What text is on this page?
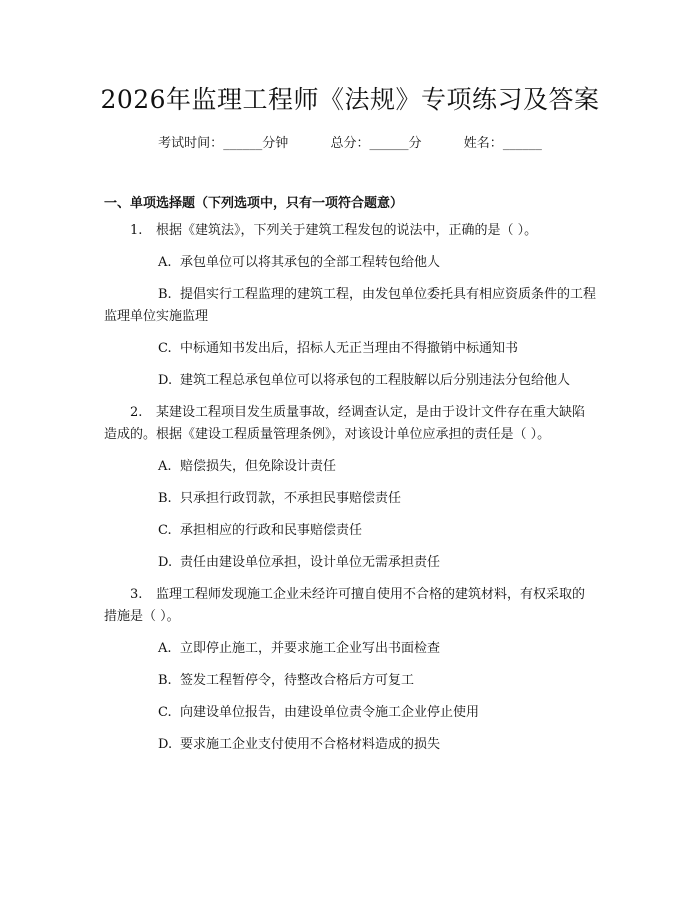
2026年监理工程师《法规》专项练习及答案
考试时间：______分钟	总分：______分	姓名：______
一、单项选择题（下列选项中，只有一项符合题意）

1. 根据《建筑法》，下列关于建筑工程发包的说法中，正确的是（ ）。

A. 承包单位可以将其承包的全部工程转包给他人

B. 提倡实行工程监理的建筑工程，由发包单位委托具有相应资质条件的工程监理单位实施监理

C. 中标通知书发出后，招标人无正当理由不得撤销中标通知书

D. 建筑工程总承包单位可以将承包的工程肢解以后分别违法分包给他人

2. 某建设工程项目发生质量事故，经调查认定，是由于设计文件存在重大缺陷造成的。根据《建设工程质量管理条例》，对该设计单位应承担的责任是（ ）。

A. 赔偿损失，但免除设计责任

B. 只承担行政罚款，不承担民事赔偿责任

C. 承担相应的行政和民事赔偿责任

D. 责任由建设单位承担，设计单位无需承担责任

3. 监理工程师发现施工企业未经许可擅自使用不合格的建筑材料，有权采取的措施是（ ）。

A. 立即停止施工，并要求施工企业写出书面检查

B. 签发工程暂停令，待整改合格后方可复工

C. 向建设单位报告，由建设单位责令施工企业停止使用

D. 要求施工企业支付使用不合格材料造成的损失
